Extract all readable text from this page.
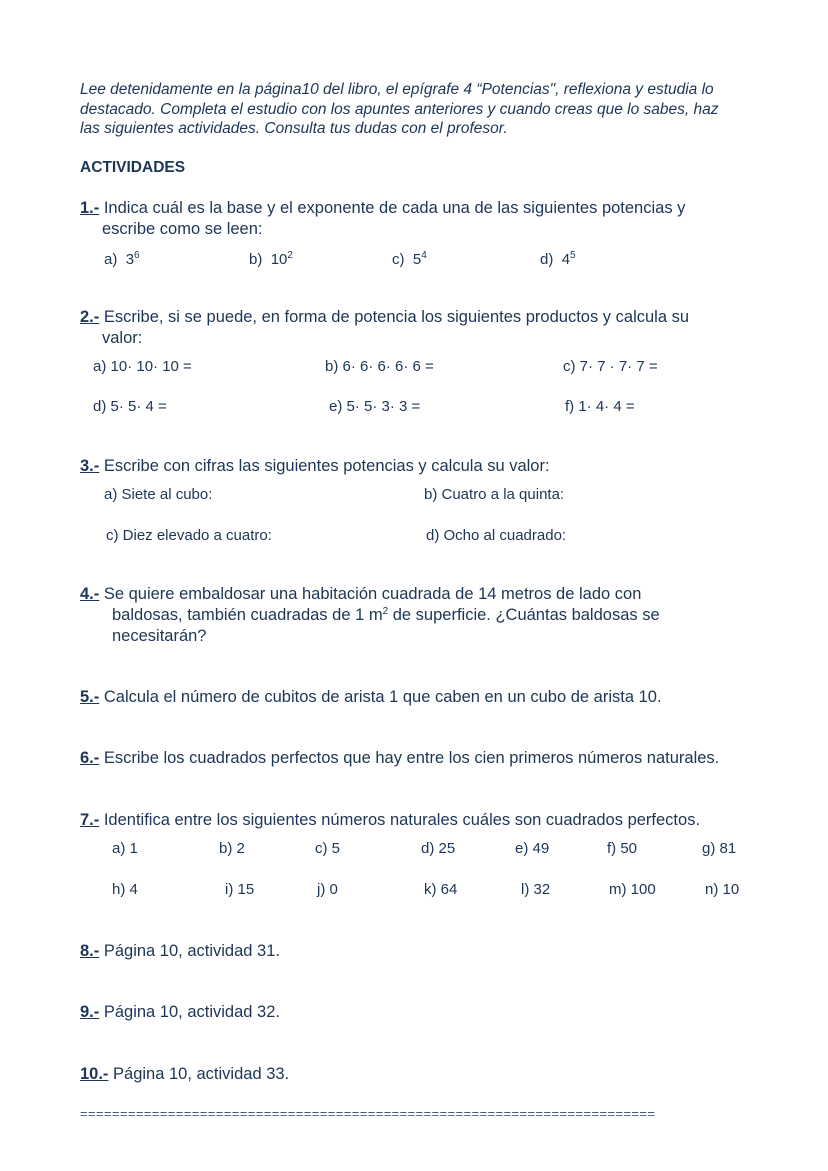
Lee detenidamente en la página10 del libro, el epígrafe 4 “Potencias", reflexiona y estudia lo
destacado. Completa el estudio con los apuntes anteriores y cuando creas que lo sabes, haz
las siguientes actividades. Consulta tus dudas con el profesor.
ACTIVIDADES
1.- Indica cuál es la base y el exponente de cada una de las siguientes potencias y
escribe como se leen:
a) $3^6$	b) $10^2$	c) $5^4$	d) $4^5$
2.- Escribe, si se puede, en forma de potencia los siguientes productos y calcula su
valor:
a) 10· 10· 10 =	b) 6· 6· 6· 6· 6 =	c) 7· 7 · 7· 7 =
d) 5· 5· 4 =	e) 5· 5· 3· 3 =	f) 1· 4· 4 =
3.- Escribe con cifras las siguientes potencias y calcula su valor:
a) Siete al cubo:	b) Cuatro a la quinta:
c) Diez elevado a cuatro:	d) Ocho al cuadrado:
4.- Se quiere embaldosar una habitación cuadrada de 14 metros de lado con
baldosas, también cuadradas de 1 $m^2$ de superficie. ¿Cuántas baldosas se
necesitarán?
5.- Calcula el número de cubitos de arista 1 que caben en un cubo de arista 10.
6.- Escribe los cuadrados perfectos que hay entre los cien primeros números naturales.
7.- Identifica entre los siguientes números naturales cuáles son cuadrados perfectos.
a) 1	b) 2	c) 5	d) 25	e) 49	f) 50	g) 81
h) 4	i) 15	j) 0	k) 64	l) 32	m) 100	n) 10
8.- Página 10, actividad 31.
9.- Página 10, actividad 32.
10.- Página 10, actividad 33.
========================================================================
